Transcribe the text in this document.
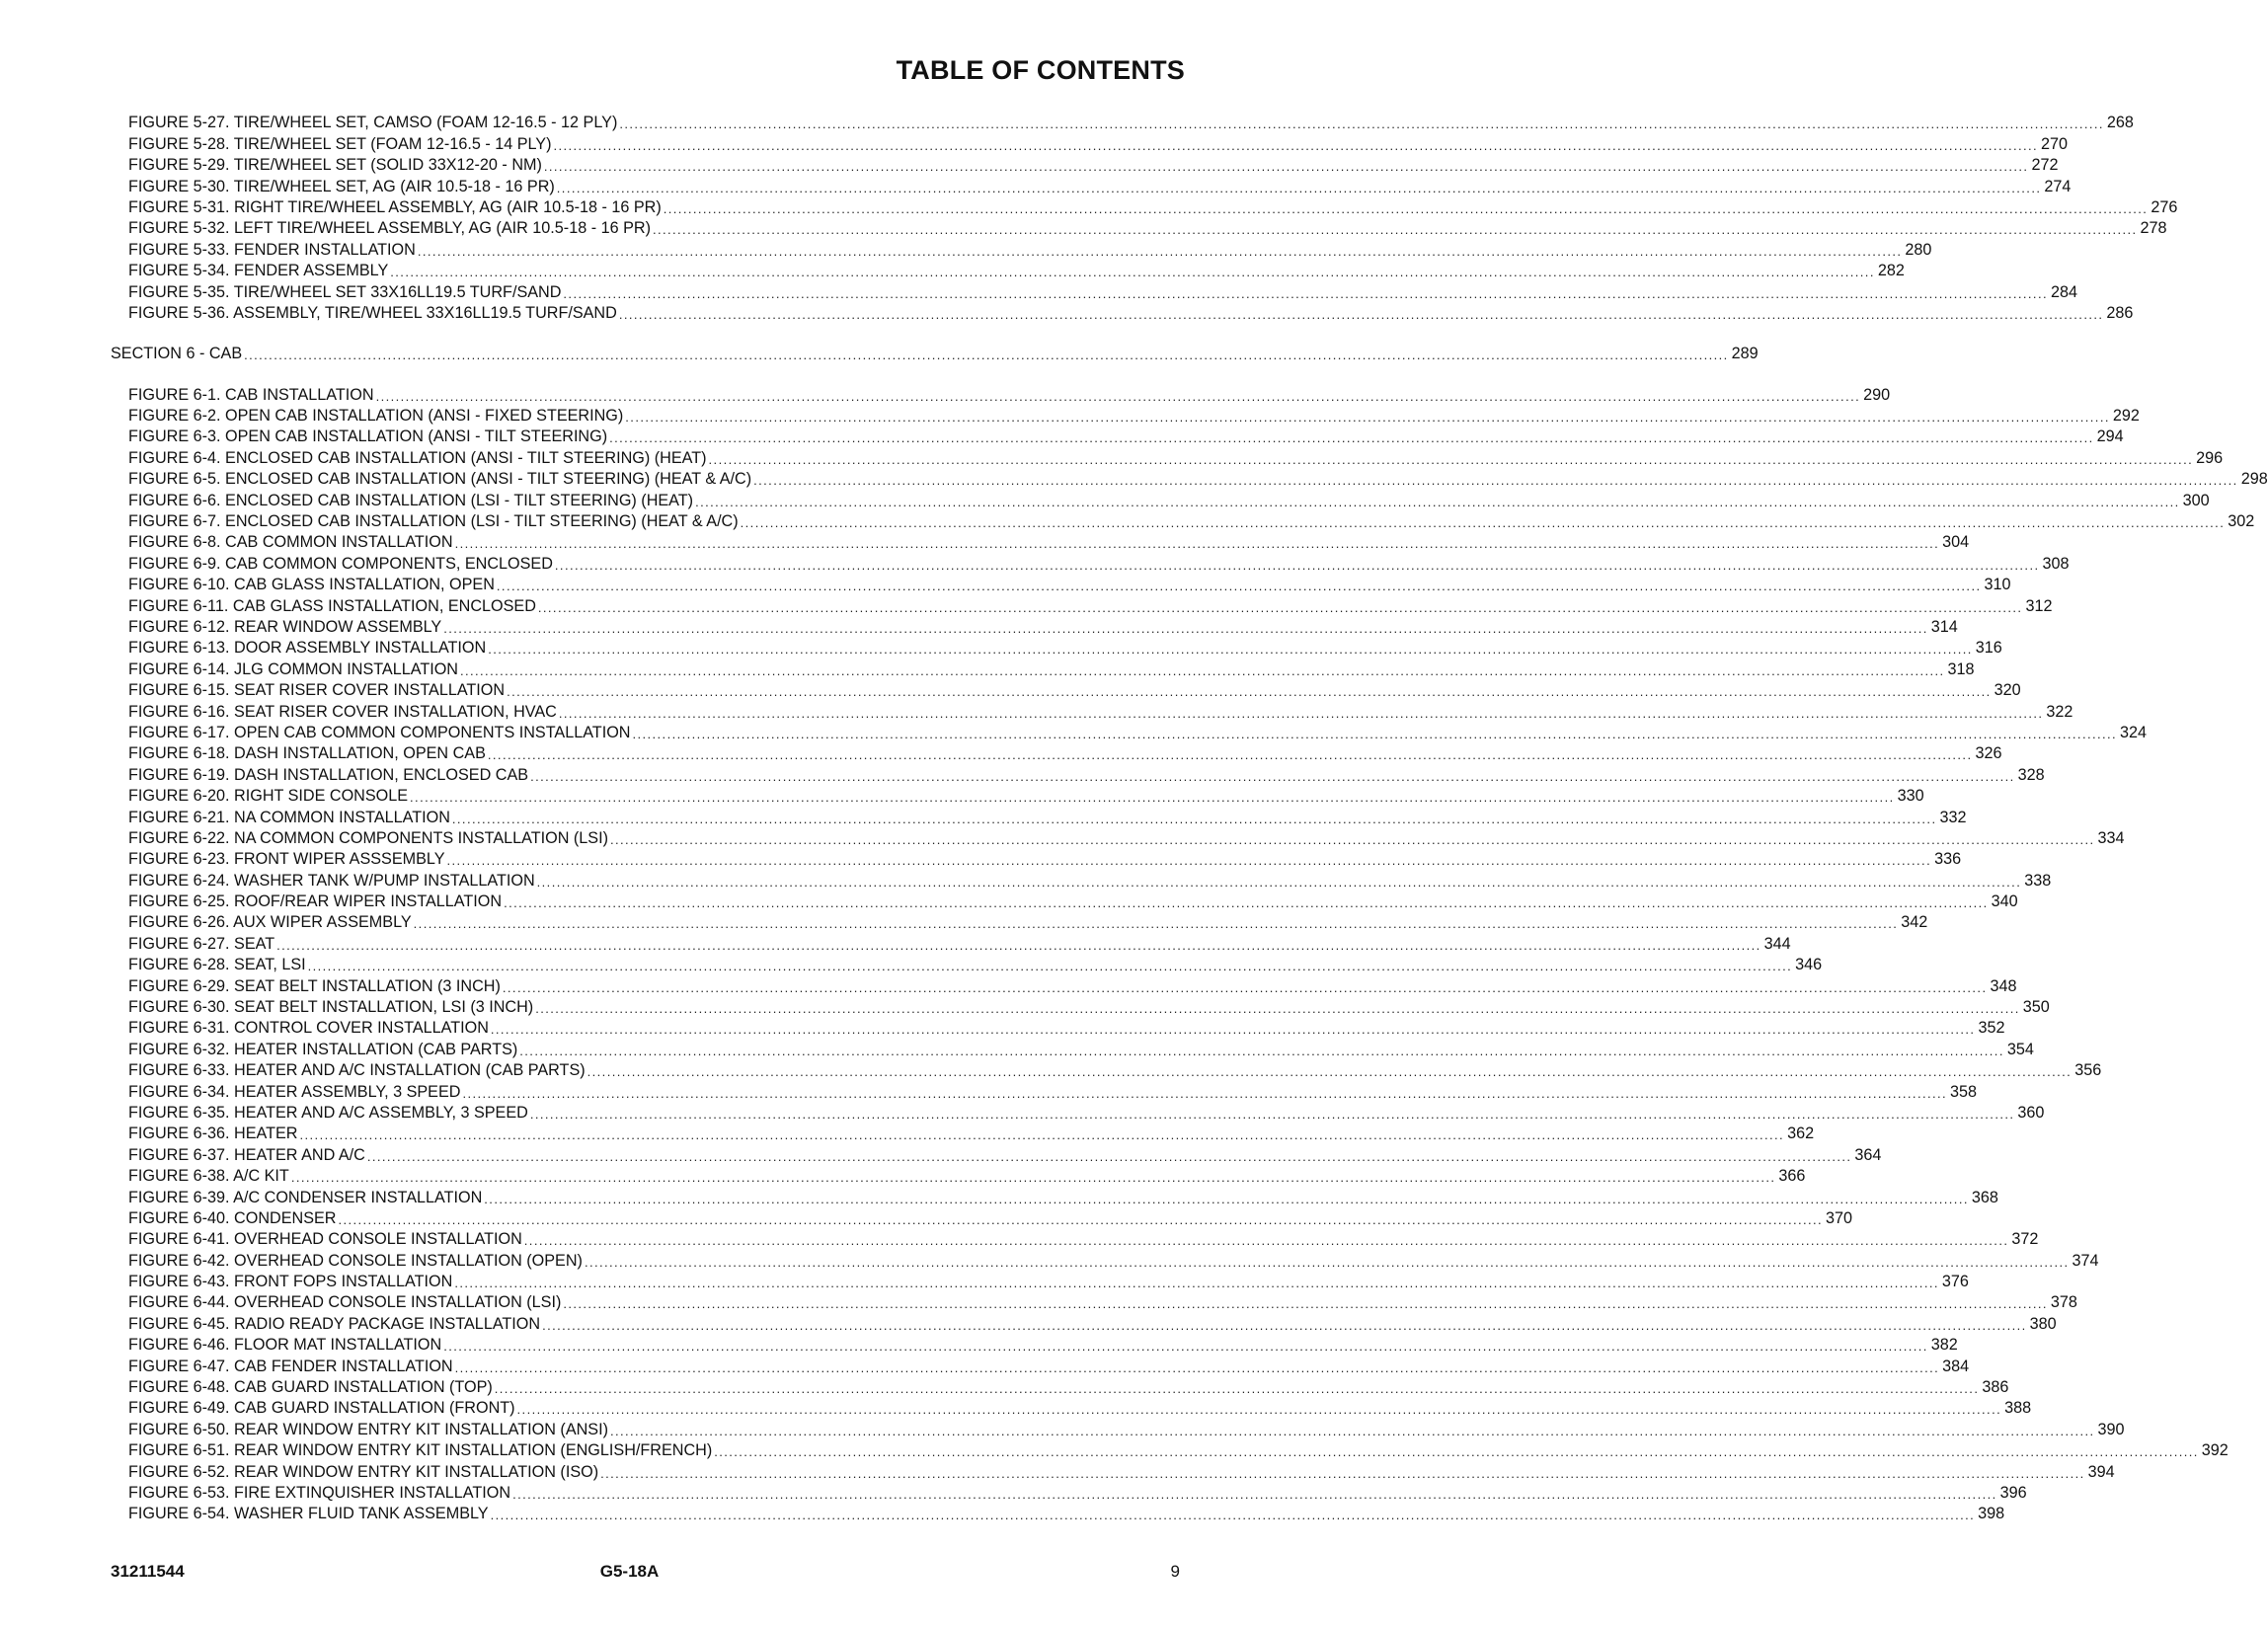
TABLE OF CONTENTS
FIGURE 5-27. TIRE/WHEEL SET, CAMSO (FOAM 12-16.5 - 12 PLY) ............................................................................................................................................................................................................................................................................................................ 268
FIGURE 5-28. TIRE/WHEEL SET (FOAM 12-16.5 - 14 PLY) ............................................................................................................................................................................................................................................................................................................ 270
FIGURE 5-29. TIRE/WHEEL SET (SOLID 33X12-20 - NM) ............................................................................................................................................................................................................................................................................................................ 272
FIGURE 5-30. TIRE/WHEEL SET, AG (AIR 10.5-18 - 16 PR) ............................................................................................................................................................................................................................................................................................................ 274
FIGURE 5-31. RIGHT TIRE/WHEEL ASSEMBLY, AG (AIR 10.5-18 - 16 PR) ............................................................................................................................................................................................................................................................................................................ 276
FIGURE 5-32. LEFT TIRE/WHEEL ASSEMBLY, AG (AIR 10.5-18 - 16 PR) ............................................................................................................................................................................................................................................................................................................ 278
FIGURE 5-33. FENDER INSTALLATION ............................................................................................................................................................................................................................................................................................................ 280
FIGURE 5-34. FENDER ASSEMBLY ............................................................................................................................................................................................................................................................................................................ 282
FIGURE 5-35. TIRE/WHEEL SET 33X16LL19.5 TURF/SAND ............................................................................................................................................................................................................................................................................................................ 284
FIGURE 5-36. ASSEMBLY, TIRE/WHEEL 33X16LL19.5 TURF/SAND ............................................................................................................................................................................................................................................................................................................ 286
SECTION 6 - CAB ............................................................................................................................................................................................................................................................................................................ 289
FIGURE 6-1. CAB INSTALLATION ............................................................................................................................................................................................................................................................................................................ 290
FIGURE 6-2. OPEN CAB INSTALLATION (ANSI - FIXED STEERING) ............................................................................................................................................................................................................................................................................................................ 292
FIGURE 6-3. OPEN CAB INSTALLATION (ANSI - TILT STEERING) ............................................................................................................................................................................................................................................................................................................ 294
FIGURE 6-4. ENCLOSED CAB INSTALLATION (ANSI - TILT STEERING) (HEAT) ............................................................................................................................................................................................................................................................................................................ 296
FIGURE 6-5. ENCLOSED CAB INSTALLATION (ANSI - TILT STEERING) (HEAT & A/C) ............................................................................................................................................................................................................................................................................................................ 298
FIGURE 6-6. ENCLOSED CAB INSTALLATION (LSI - TILT STEERING) (HEAT) ............................................................................................................................................................................................................................................................................................................ 300
FIGURE 6-7. ENCLOSED CAB INSTALLATION (LSI - TILT STEERING) (HEAT & A/C) ............................................................................................................................................................................................................................................................................................................ 302
FIGURE 6-8. CAB COMMON INSTALLATION ............................................................................................................................................................................................................................................................................................................ 304
FIGURE 6-9. CAB COMMON COMPONENTS, ENCLOSED ............................................................................................................................................................................................................................................................................................................ 308
FIGURE 6-10. CAB GLASS INSTALLATION, OPEN ............................................................................................................................................................................................................................................................................................................ 310
FIGURE 6-11. CAB GLASS INSTALLATION, ENCLOSED ............................................................................................................................................................................................................................................................................................................ 312
FIGURE 6-12. REAR WINDOW ASSEMBLY ............................................................................................................................................................................................................................................................................................................ 314
FIGURE 6-13. DOOR ASSEMBLY INSTALLATION ............................................................................................................................................................................................................................................................................................................ 316
FIGURE 6-14. JLG COMMON INSTALLATION ............................................................................................................................................................................................................................................................................................................ 318
FIGURE 6-15. SEAT RISER COVER INSTALLATION ............................................................................................................................................................................................................................................................................................................ 320
FIGURE 6-16. SEAT RISER COVER INSTALLATION, HVAC ............................................................................................................................................................................................................................................................................................................ 322
FIGURE 6-17. OPEN CAB COMMON COMPONENTS INSTALLATION ............................................................................................................................................................................................................................................................................................................ 324
FIGURE 6-18. DASH INSTALLATION, OPEN CAB ............................................................................................................................................................................................................................................................................................................ 326
FIGURE 6-19. DASH INSTALLATION, ENCLOSED CAB ............................................................................................................................................................................................................................................................................................................ 328
FIGURE 6-20. RIGHT SIDE CONSOLE ............................................................................................................................................................................................................................................................................................................ 330
FIGURE 6-21. NA COMMON INSTALLATION ............................................................................................................................................................................................................................................................................................................ 332
FIGURE 6-22. NA COMMON COMPONENTS INSTALLATION (LSI) ............................................................................................................................................................................................................................................................................................................ 334
FIGURE 6-23. FRONT WIPER ASSSEMBLY ............................................................................................................................................................................................................................................................................................................ 336
FIGURE 6-24. WASHER TANK W/PUMP INSTALLATION ............................................................................................................................................................................................................................................................................................................ 338
FIGURE 6-25. ROOF/REAR WIPER INSTALLATION ............................................................................................................................................................................................................................................................................................................ 340
FIGURE 6-26. AUX WIPER ASSEMBLY ............................................................................................................................................................................................................................................................................................................ 342
FIGURE 6-27. SEAT ............................................................................................................................................................................................................................................................................................................ 344
FIGURE 6-28. SEAT, LSI ............................................................................................................................................................................................................................................................................................................ 346
FIGURE 6-29. SEAT BELT INSTALLATION (3 INCH) ............................................................................................................................................................................................................................................................................................................ 348
FIGURE 6-30. SEAT BELT INSTALLATION, LSI (3 INCH) ............................................................................................................................................................................................................................................................................................................ 350
FIGURE 6-31. CONTROL COVER INSTALLATION ............................................................................................................................................................................................................................................................................................................ 352
FIGURE 6-32. HEATER INSTALLATION (CAB PARTS) ............................................................................................................................................................................................................................................................................................................ 354
FIGURE 6-33. HEATER AND A/C INSTALLATION (CAB PARTS) ............................................................................................................................................................................................................................................................................................................ 356
FIGURE 6-34. HEATER ASSEMBLY, 3 SPEED ............................................................................................................................................................................................................................................................................................................ 358
FIGURE 6-35. HEATER AND A/C ASSEMBLY, 3 SPEED ............................................................................................................................................................................................................................................................................................................ 360
FIGURE 6-36. HEATER ............................................................................................................................................................................................................................................................................................................ 362
FIGURE 6-37. HEATER AND A/C ............................................................................................................................................................................................................................................................................................................ 364
FIGURE 6-38. A/C KIT ............................................................................................................................................................................................................................................................................................................ 366
FIGURE 6-39. A/C CONDENSER INSTALLATION ............................................................................................................................................................................................................................................................................................................ 368
FIGURE 6-40. CONDENSER ............................................................................................................................................................................................................................................................................................................ 370
FIGURE 6-41. OVERHEAD CONSOLE INSTALLATION ............................................................................................................................................................................................................................................................................................................ 372
FIGURE 6-42. OVERHEAD CONSOLE INSTALLATION (OPEN) ............................................................................................................................................................................................................................................................................................................ 374
FIGURE 6-43. FRONT FOPS INSTALLATION ............................................................................................................................................................................................................................................................................................................ 376
FIGURE 6-44. OVERHEAD CONSOLE INSTALLATION (LSI) ............................................................................................................................................................................................................................................................................................................ 378
FIGURE 6-45. RADIO READY PACKAGE INSTALLATION ............................................................................................................................................................................................................................................................................................................ 380
FIGURE 6-46. FLOOR MAT INSTALLATION ............................................................................................................................................................................................................................................................................................................ 382
FIGURE 6-47. CAB FENDER INSTALLATION ............................................................................................................................................................................................................................................................................................................ 384
FIGURE 6-48. CAB GUARD INSTALLATION (TOP) ............................................................................................................................................................................................................................................................................................................ 386
FIGURE 6-49. CAB GUARD INSTALLATION (FRONT) ............................................................................................................................................................................................................................................................................................................ 388
FIGURE 6-50. REAR WINDOW ENTRY KIT INSTALLATION (ANSI) ............................................................................................................................................................................................................................................................................................................ 390
FIGURE 6-51. REAR WINDOW ENTRY KIT INSTALLATION (ENGLISH/FRENCH) ............................................................................................................................................................................................................................................................................................................ 392
FIGURE 6-52. REAR WINDOW ENTRY KIT INSTALLATION (ISO) ............................................................................................................................................................................................................................................................................................................ 394
FIGURE 6-53. FIRE EXTINQUISHER INSTALLATION ............................................................................................................................................................................................................................................................................................................ 396
FIGURE 6-54. WASHER FLUID TANK ASSEMBLY ............................................................................................................................................................................................................................................................................................................ 398
31211544	G5-18A	9
